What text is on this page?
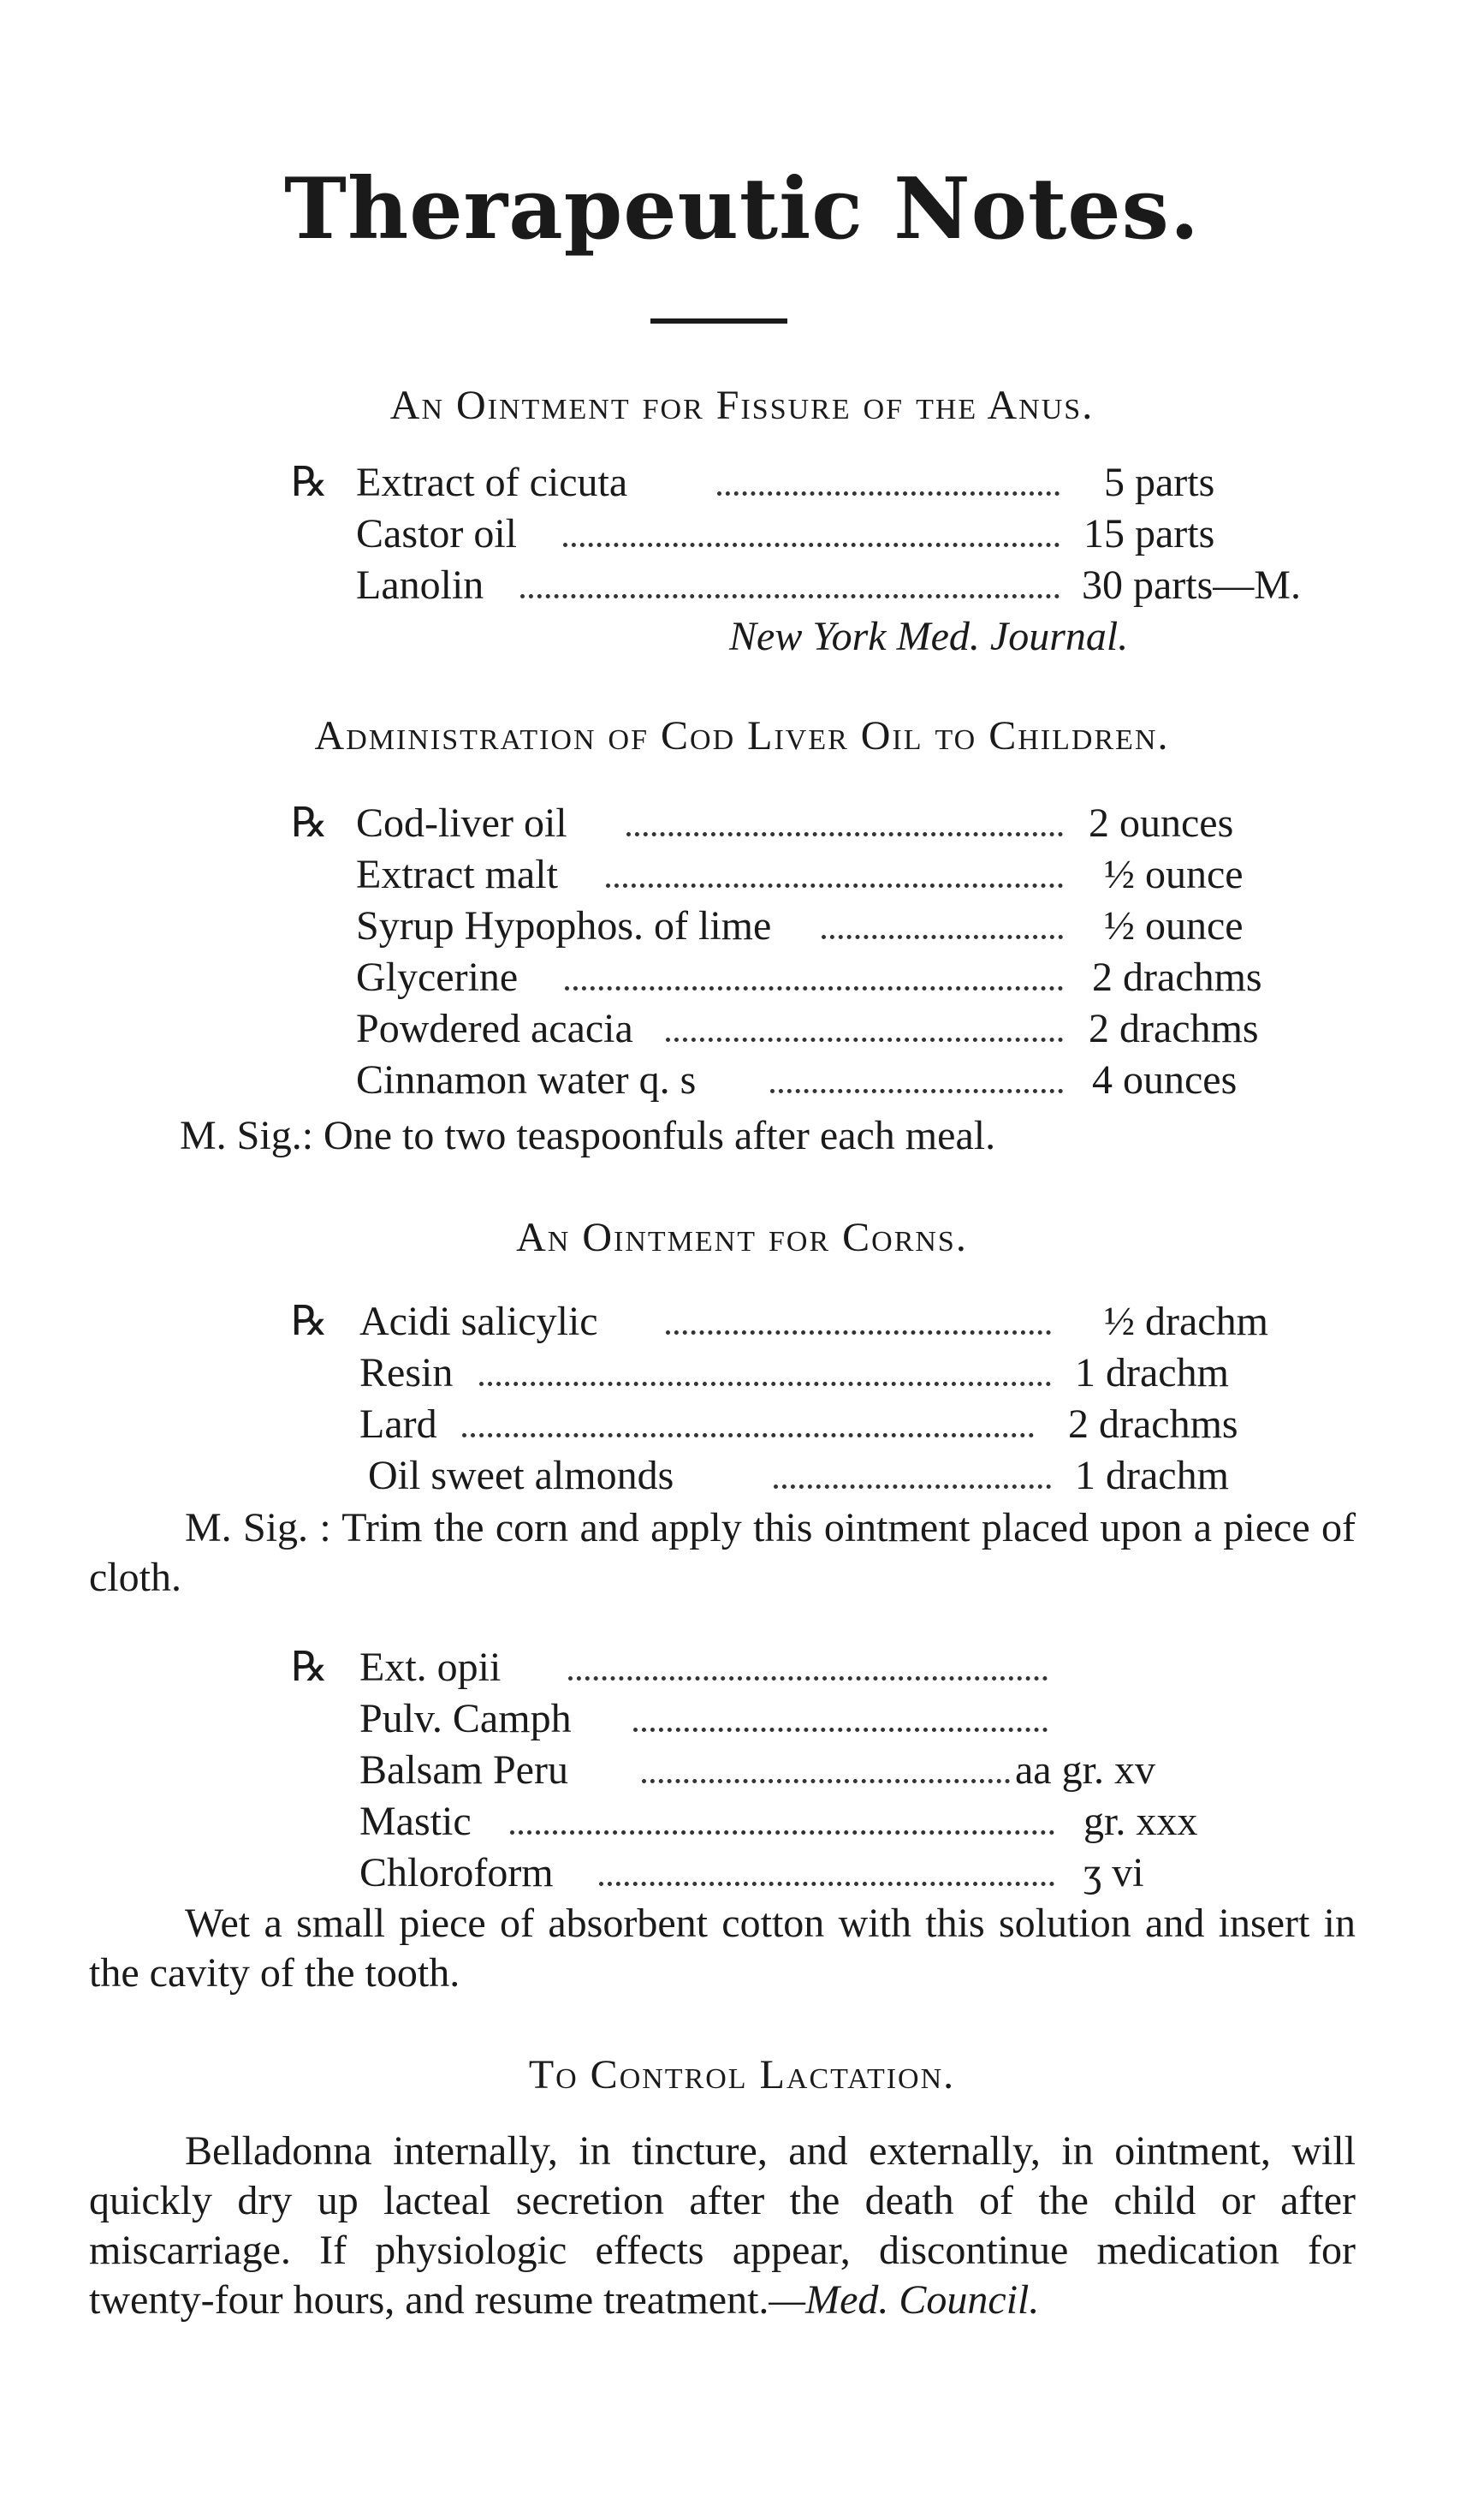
Therapeutic Notes.
An Ointment for Fissure of the Anus.
℞ Extract of cicuta	5 parts
Castor oil	15 parts
Lanolin	30 parts—M.
New York Med. Journal.
Administration of Cod Liver Oil to Children.
℞ Cod-liver oil	2 ounces
Extract malt	½ ounce
Syrup Hypophos. of lime	½ ounce
Glycerine	2 drachms
Powdered acacia	2 drachms
Cinnamon water q. s	4 ounces

M. Sig.: One to two teaspoonfuls after each meal.

An Ointment for Corns.
℞ Acidi salicylic	½ drachm
Resin	1 drachm
Lard	2 drachms
Oil sweet almonds	1 drachm

M. Sig. : Trim the corn and apply this ointment placed upon a piece of cloth.

℞ Ext. opii
Pulv. Camph
Balsam Peru	aa gr. xv
Mastic	gr. xxx
Chloroform	ʒ vi

Wet a small piece of absorbent cotton with this solution and insert in the cavity of the tooth.

To Control Lactation.

Belladonna internally, in tincture, and externally, in ointment, will quickly dry up lacteal secretion after the death of the child or after miscarriage. If physiologic effects appear, discontinue medication for twenty-four hours, and resume treatment.—Med. Council.
